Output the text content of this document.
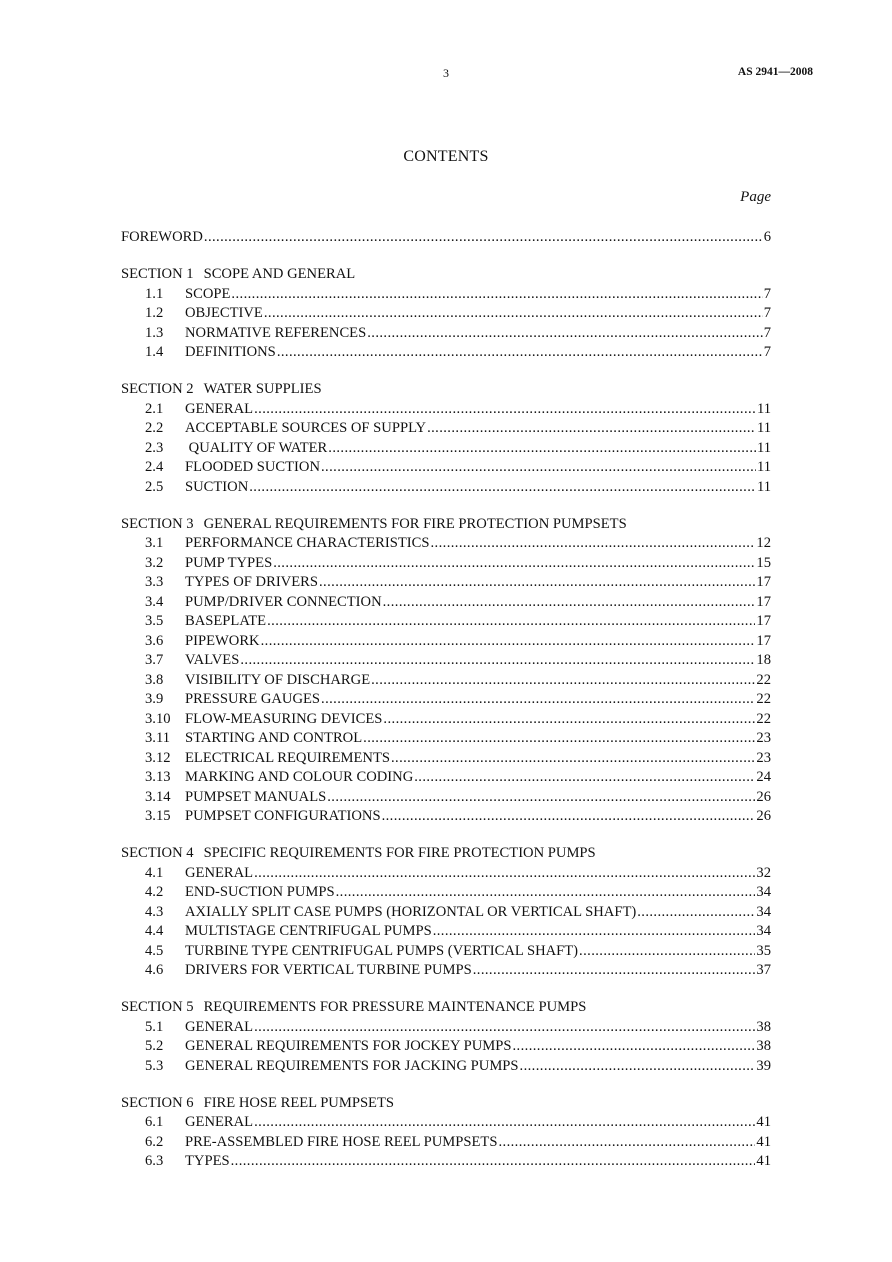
3	AS 2941—2008
CONTENTS
Page
FOREWORD .....	6
SECTION 1 SCOPE AND GENERAL
1.1	SCOPE .....	7
1.2	OBJECTIVE .....	7
1.3	NORMATIVE REFERENCES .....	7
1.4	DEFINITIONS .....	7
SECTION 2 WATER SUPPLIES
2.1	GENERAL .....	11
2.2	ACCEPTABLE SOURCES OF SUPPLY .....	11
2.3	QUALITY OF WATER .....	11
2.4	FLOODED SUCTION .....	11
2.5	SUCTION .....	11
SECTION 3 GENERAL REQUIREMENTS FOR FIRE PROTECTION PUMPSETS
3.1	PERFORMANCE CHARACTERISTICS .....	12
3.2	PUMP TYPES .....	15
3.3	TYPES OF DRIVERS .....	17
3.4	PUMP/DRIVER CONNECTION .....	17
3.5	BASEPLATE .....	17
3.6	PIPEWORK .....	17
3.7	VALVES .....	18
3.8	VISIBILITY OF DISCHARGE .....	22
3.9	PRESSURE GAUGES .....	22
3.10 FLOW-MEASURING DEVICES .....	22
3.11	STARTING AND CONTROL .....	23
3.12 ELECTRICAL REQUIREMENTS .....	23
3.13 MARKING AND COLOUR CODING .....	24
3.14 PUMPSET MANUALS .....	26
3.15 PUMPSET CONFIGURATIONS .....	26
SECTION 4 SPECIFIC REQUIREMENTS FOR FIRE PROTECTION PUMPS
4.1	GENERAL .....	32
4.2	END-SUCTION PUMPS .....	34
4.3	AXIALLY SPLIT CASE PUMPS (HORIZONTAL OR VERTICAL SHAFT) .....	34
4.4	MULTISTAGE CENTRIFUGAL PUMPS .....	34
4.5	TURBINE TYPE CENTRIFUGAL PUMPS (VERTICAL SHAFT) .....	35
4.6	DRIVERS FOR VERTICAL TURBINE PUMPS .....	37
SECTION 5 REQUIREMENTS FOR PRESSURE MAINTENANCE PUMPS
5.1	GENERAL .....	38
5.2	GENERAL REQUIREMENTS FOR JOCKEY PUMPS .....	38
5.3	GENERAL REQUIREMENTS FOR JACKING PUMPS .....	39
SECTION 6 FIRE HOSE REEL PUMPSETS
6.1	GENERAL .....	41
6.2	PRE-ASSEMBLED FIRE HOSE REEL PUMPSETS .....	41
6.3	TYPES .....	41
